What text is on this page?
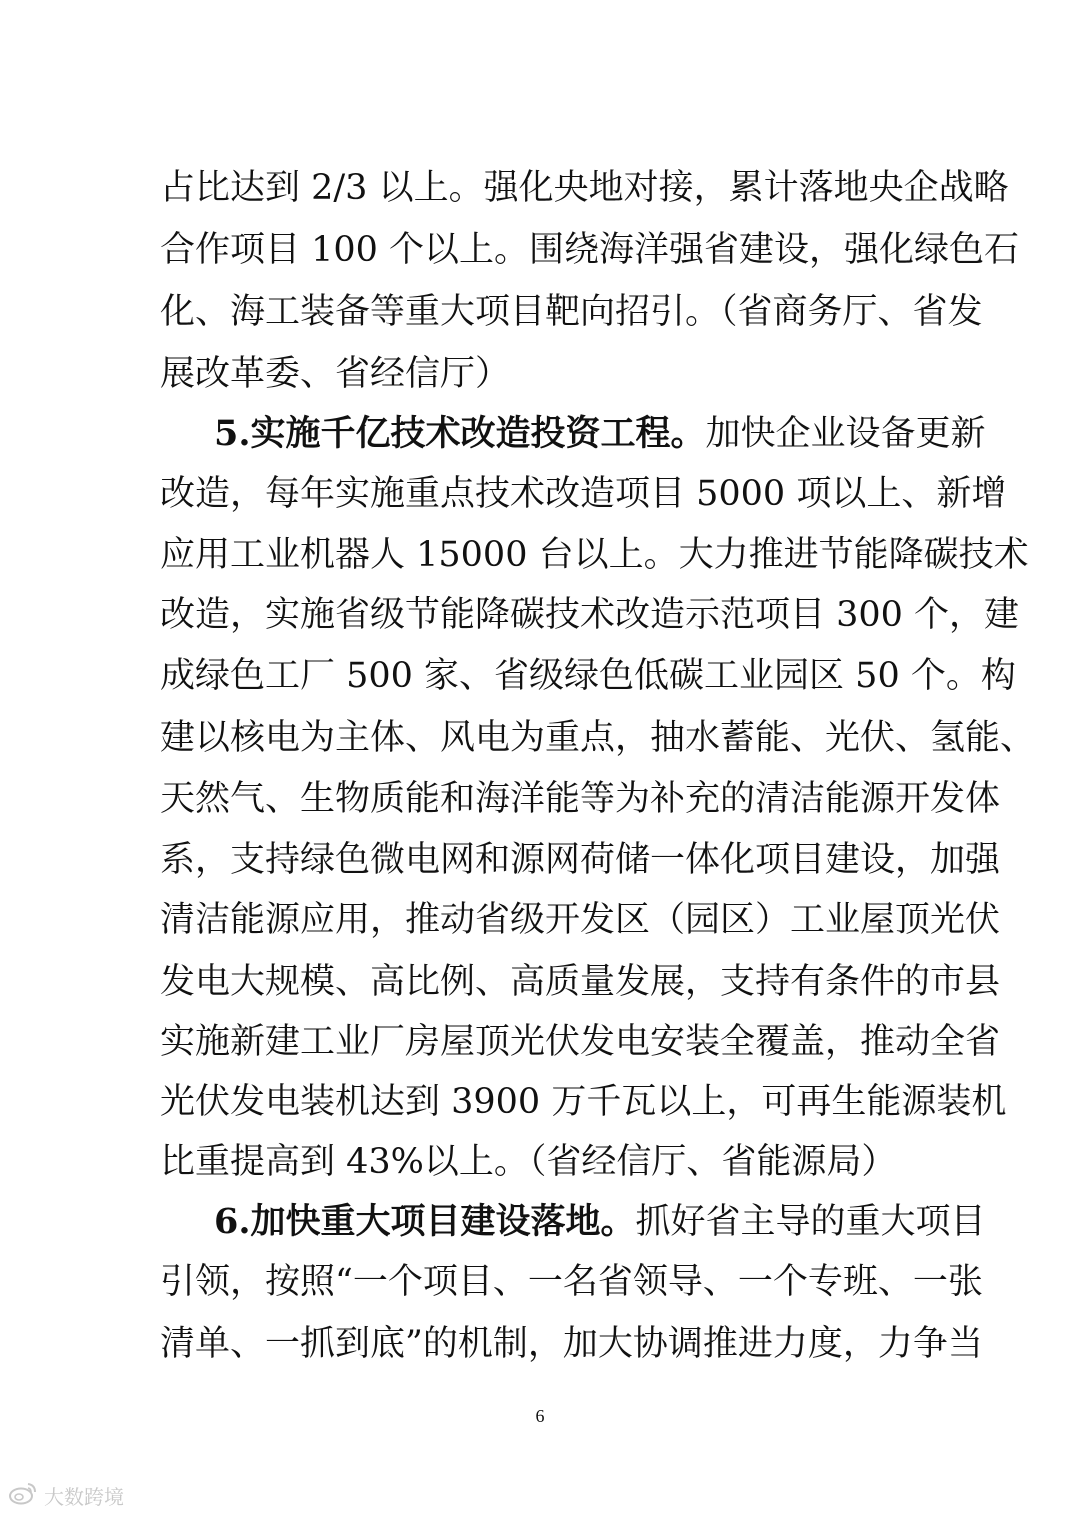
占比达到 2/3 以上。强化央地对接，累计落地央企战略
合作项目 100 个以上。围绕海洋强省建设，强化绿色石
化、海工装备等重大项目靶向招引。（省商务厅、省发
展改革委、省经信厅）
5.实施千亿技术改造投资工程。加快企业设备更新
改造，每年实施重点技术改造项目 5000 项以上、新增
应用工业机器人 15000 台以上。大力推进节能降碳技术
改造，实施省级节能降碳技术改造示范项目 300 个，建
成绿色工厂 500 家、省级绿色低碳工业园区 50 个。构
建以核电为主体、风电为重点，抽水蓄能、光伏、氢能、
天然气、生物质能和海洋能等为补充的清洁能源开发体
系，支持绿色微电网和源网荷储一体化项目建设，加强
清洁能源应用，推动省级开发区（园区）工业屋顶光伏
发电大规模、高比例、高质量发展，支持有条件的市县
实施新建工业厂房屋顶光伏发电安装全覆盖，推动全省
光伏发电装机达到 3900 万千瓦以上，可再生能源装机
比重提高到 43%以上。（省经信厅、省能源局）
6.加快重大项目建设落地。抓好省主导的重大项目
引领，按照“一个项目、一名省领导、一个专班、一张
清单、一抓到底”的机制，加大协调推进力度，力争当
6
大数跨境
